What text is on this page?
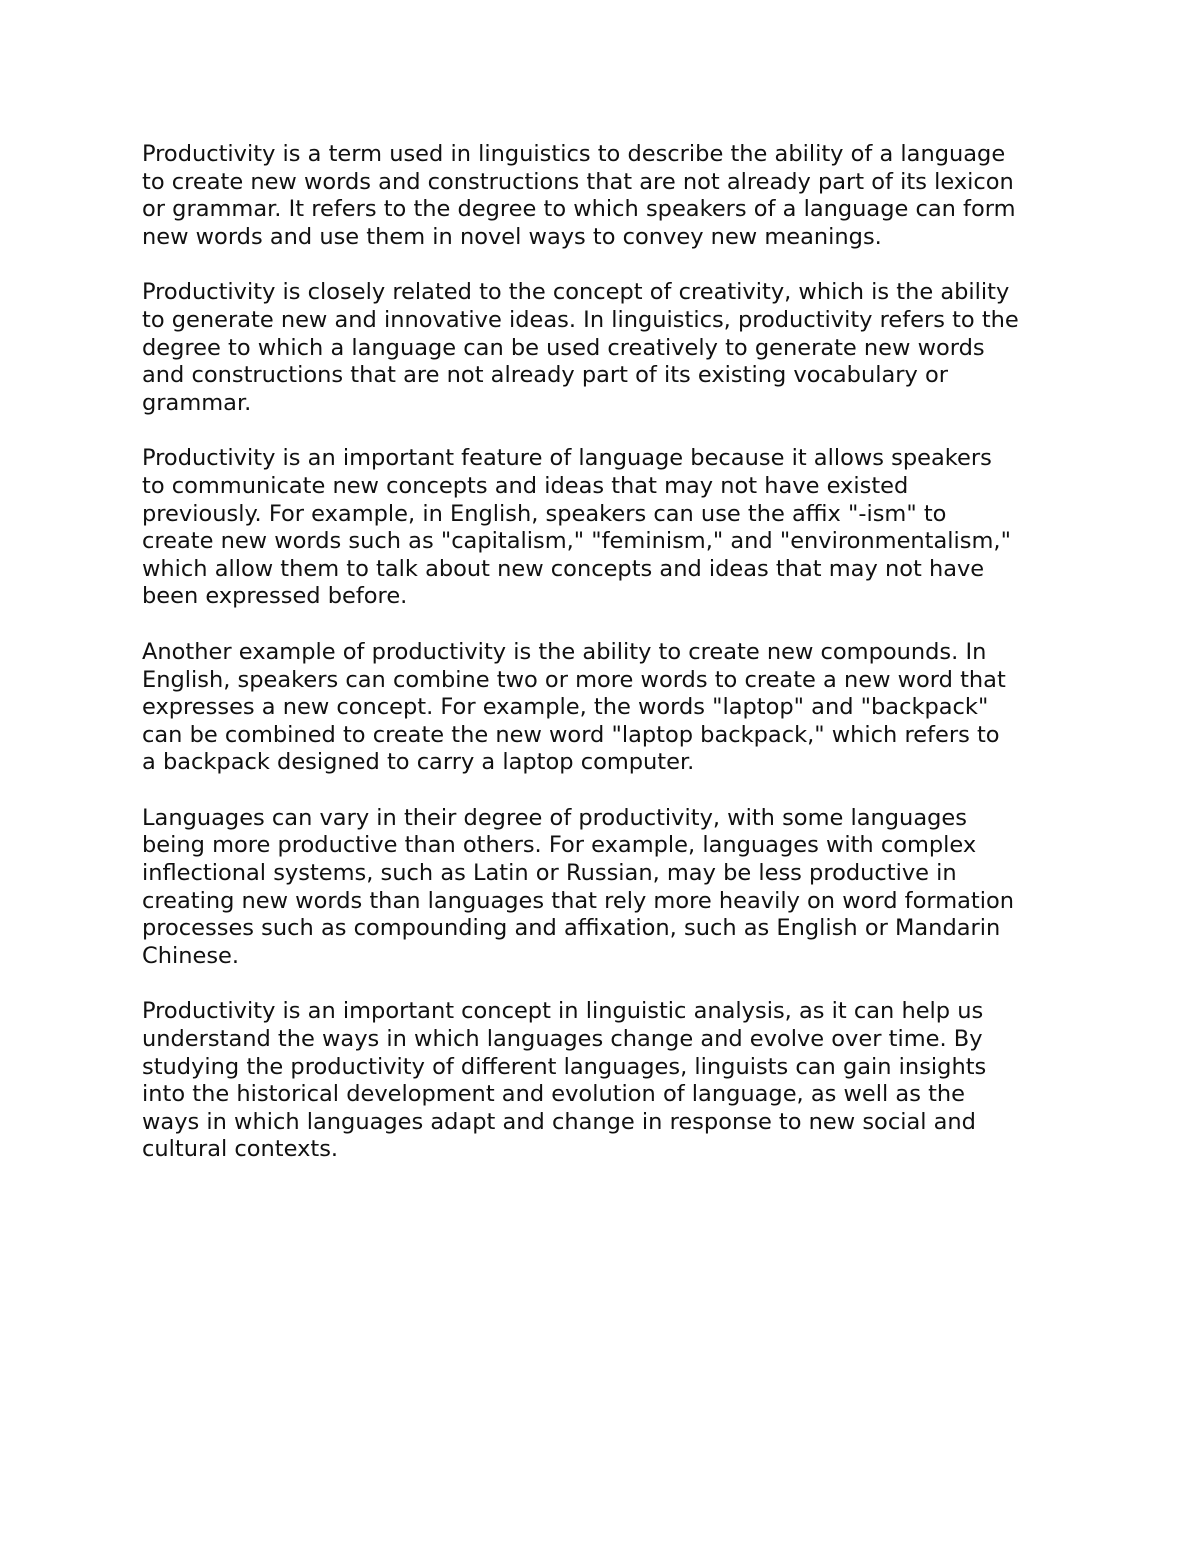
Productivity is a term used in linguistics to describe the ability of a language
to create new words and constructions that are not already part of its lexicon
or grammar. It refers to the degree to which speakers of a language can form
new words and use them in novel ways to convey new meanings.

Productivity is closely related to the concept of creativity, which is the ability
to generate new and innovative ideas. In linguistics, productivity refers to the
degree to which a language can be used creatively to generate new words
and constructions that are not already part of its existing vocabulary or
grammar.

Productivity is an important feature of language because it allows speakers
to communicate new concepts and ideas that may not have existed
previously. For example, in English, speakers can use the affix "-ism" to
create new words such as "capitalism," "feminism," and "environmentalism,"
which allow them to talk about new concepts and ideas that may not have
been expressed before.

Another example of productivity is the ability to create new compounds. In
English, speakers can combine two or more words to create a new word that
expresses a new concept. For example, the words "laptop" and "backpack"
can be combined to create the new word "laptop backpack," which refers to
a backpack designed to carry a laptop computer.

Languages can vary in their degree of productivity, with some languages
being more productive than others. For example, languages with complex
inflectional systems, such as Latin or Russian, may be less productive in
creating new words than languages that rely more heavily on word formation
processes such as compounding and affixation, such as English or Mandarin
Chinese.

Productivity is an important concept in linguistic analysis, as it can help us
understand the ways in which languages change and evolve over time. By
studying the productivity of different languages, linguists can gain insights
into the historical development and evolution of language, as well as the
ways in which languages adapt and change in response to new social and
cultural contexts.
